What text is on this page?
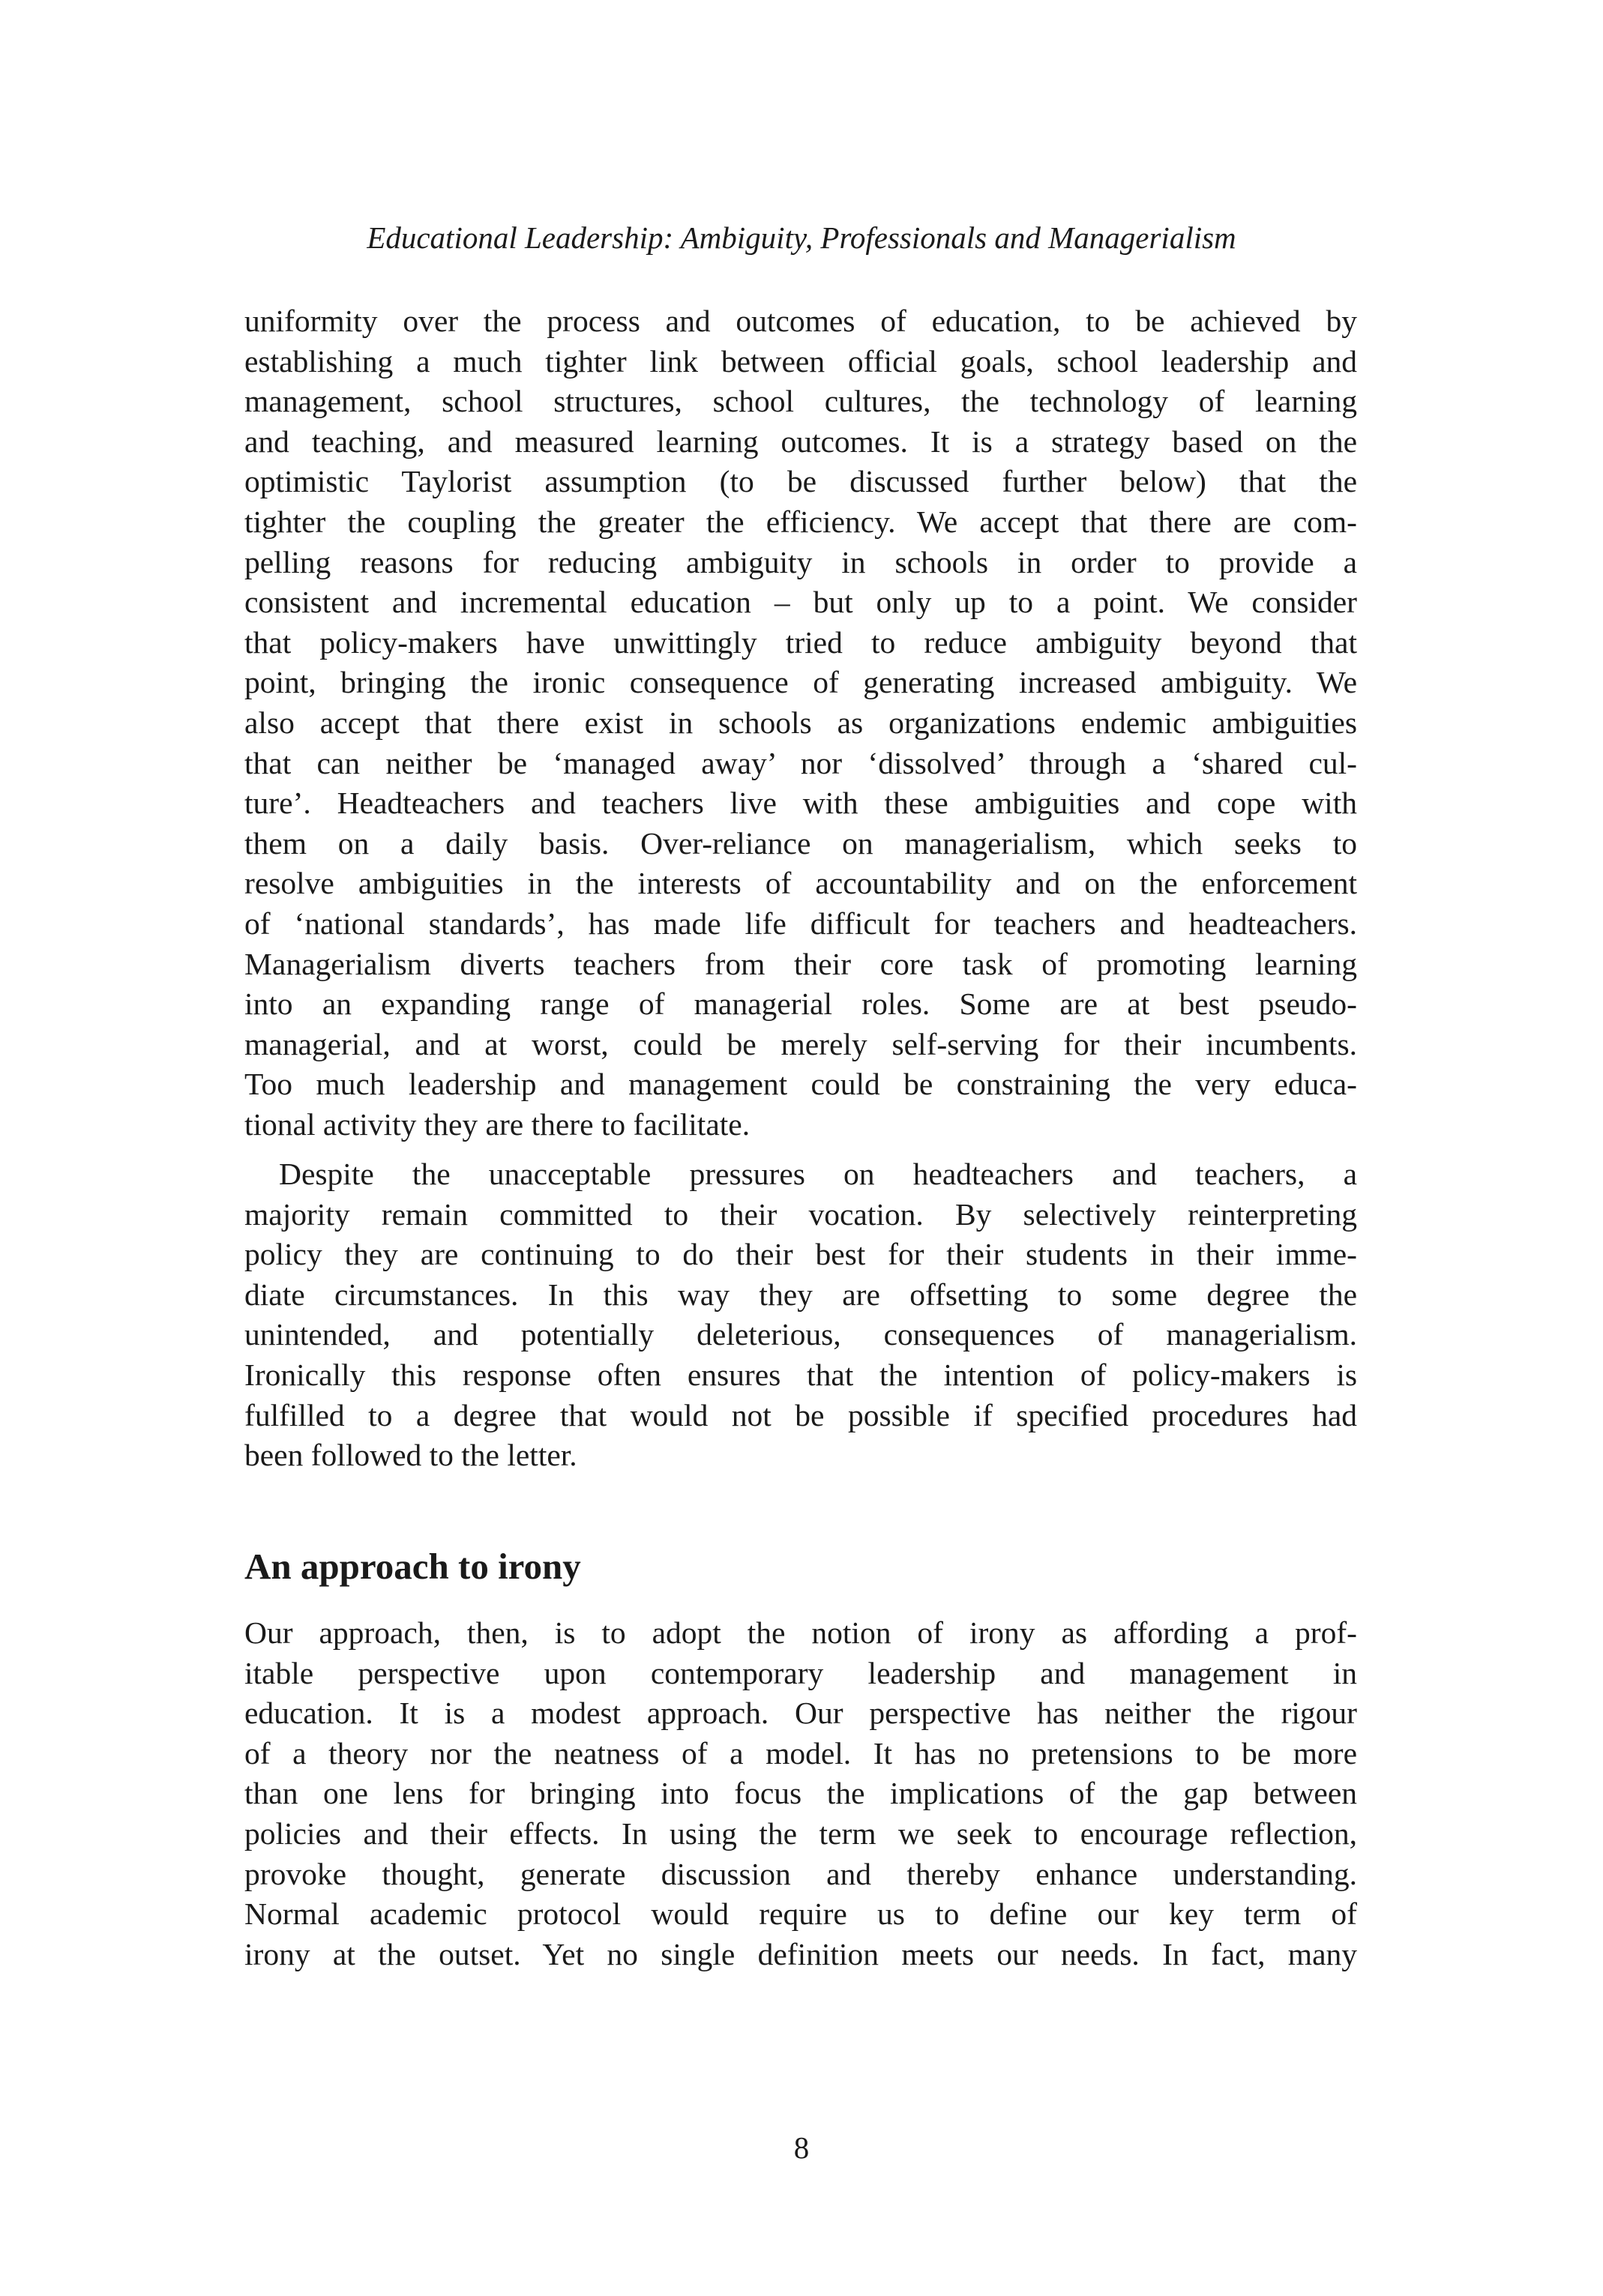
Educational Leadership: Ambiguity, Professionals and Managerialism
uniformity over the process and outcomes of education, to be achieved by
establishing a much tighter link between official goals, school leadership and
management, school structures, school cultures, the technology of learning
and teaching, and measured learning outcomes. It is a strategy based on the
optimistic Taylorist assumption (to be discussed further below) that the
tighter the coupling the greater the efficiency. We accept that there are com-
pelling reasons for reducing ambiguity in schools in order to provide a
consistent and incremental education – but only up to a point. We consider
that policy-makers have unwittingly tried to reduce ambiguity beyond that
point, bringing the ironic consequence of generating increased ambiguity. We
also accept that there exist in schools as organizations endemic ambiguities
that can neither be ‘managed away’ nor ‘dissolved’ through a ‘shared cul-
ture’. Headteachers and teachers live with these ambiguities and cope with
them on a daily basis. Over-reliance on managerialism, which seeks to
resolve ambiguities in the interests of accountability and on the enforcement
of ‘national standards’, has made life difficult for teachers and headteachers.
Managerialism diverts teachers from their core task of promoting learning
into an expanding range of managerial roles. Some are at best pseudo-
managerial, and at worst, could be merely self-serving for their incumbents.
Too much leadership and management could be constraining the very educa-
tional activity they are there to facilitate.
Despite the unacceptable pressures on headteachers and teachers, a
majority remain committed to their vocation. By selectively reinterpreting
policy they are continuing to do their best for their students in their imme-
diate circumstances. In this way they are offsetting to some degree the
unintended, and potentially deleterious, consequences of managerialism.
Ironically this response often ensures that the intention of policy-makers is
fulfilled to a degree that would not be possible if specified procedures had
been followed to the letter.
An approach to irony
Our approach, then, is to adopt the notion of irony as affording a prof-
itable perspective upon contemporary leadership and management in
education. It is a modest approach. Our perspective has neither the rigour
of a theory nor the neatness of a model. It has no pretensions to be more
than one lens for bringing into focus the implications of the gap between
policies and their effects. In using the term we seek to encourage reflection,
provoke thought, generate discussion and thereby enhance understanding.
Normal academic protocol would require us to define our key term of
irony at the outset. Yet no single definition meets our needs. In fact, many
8
